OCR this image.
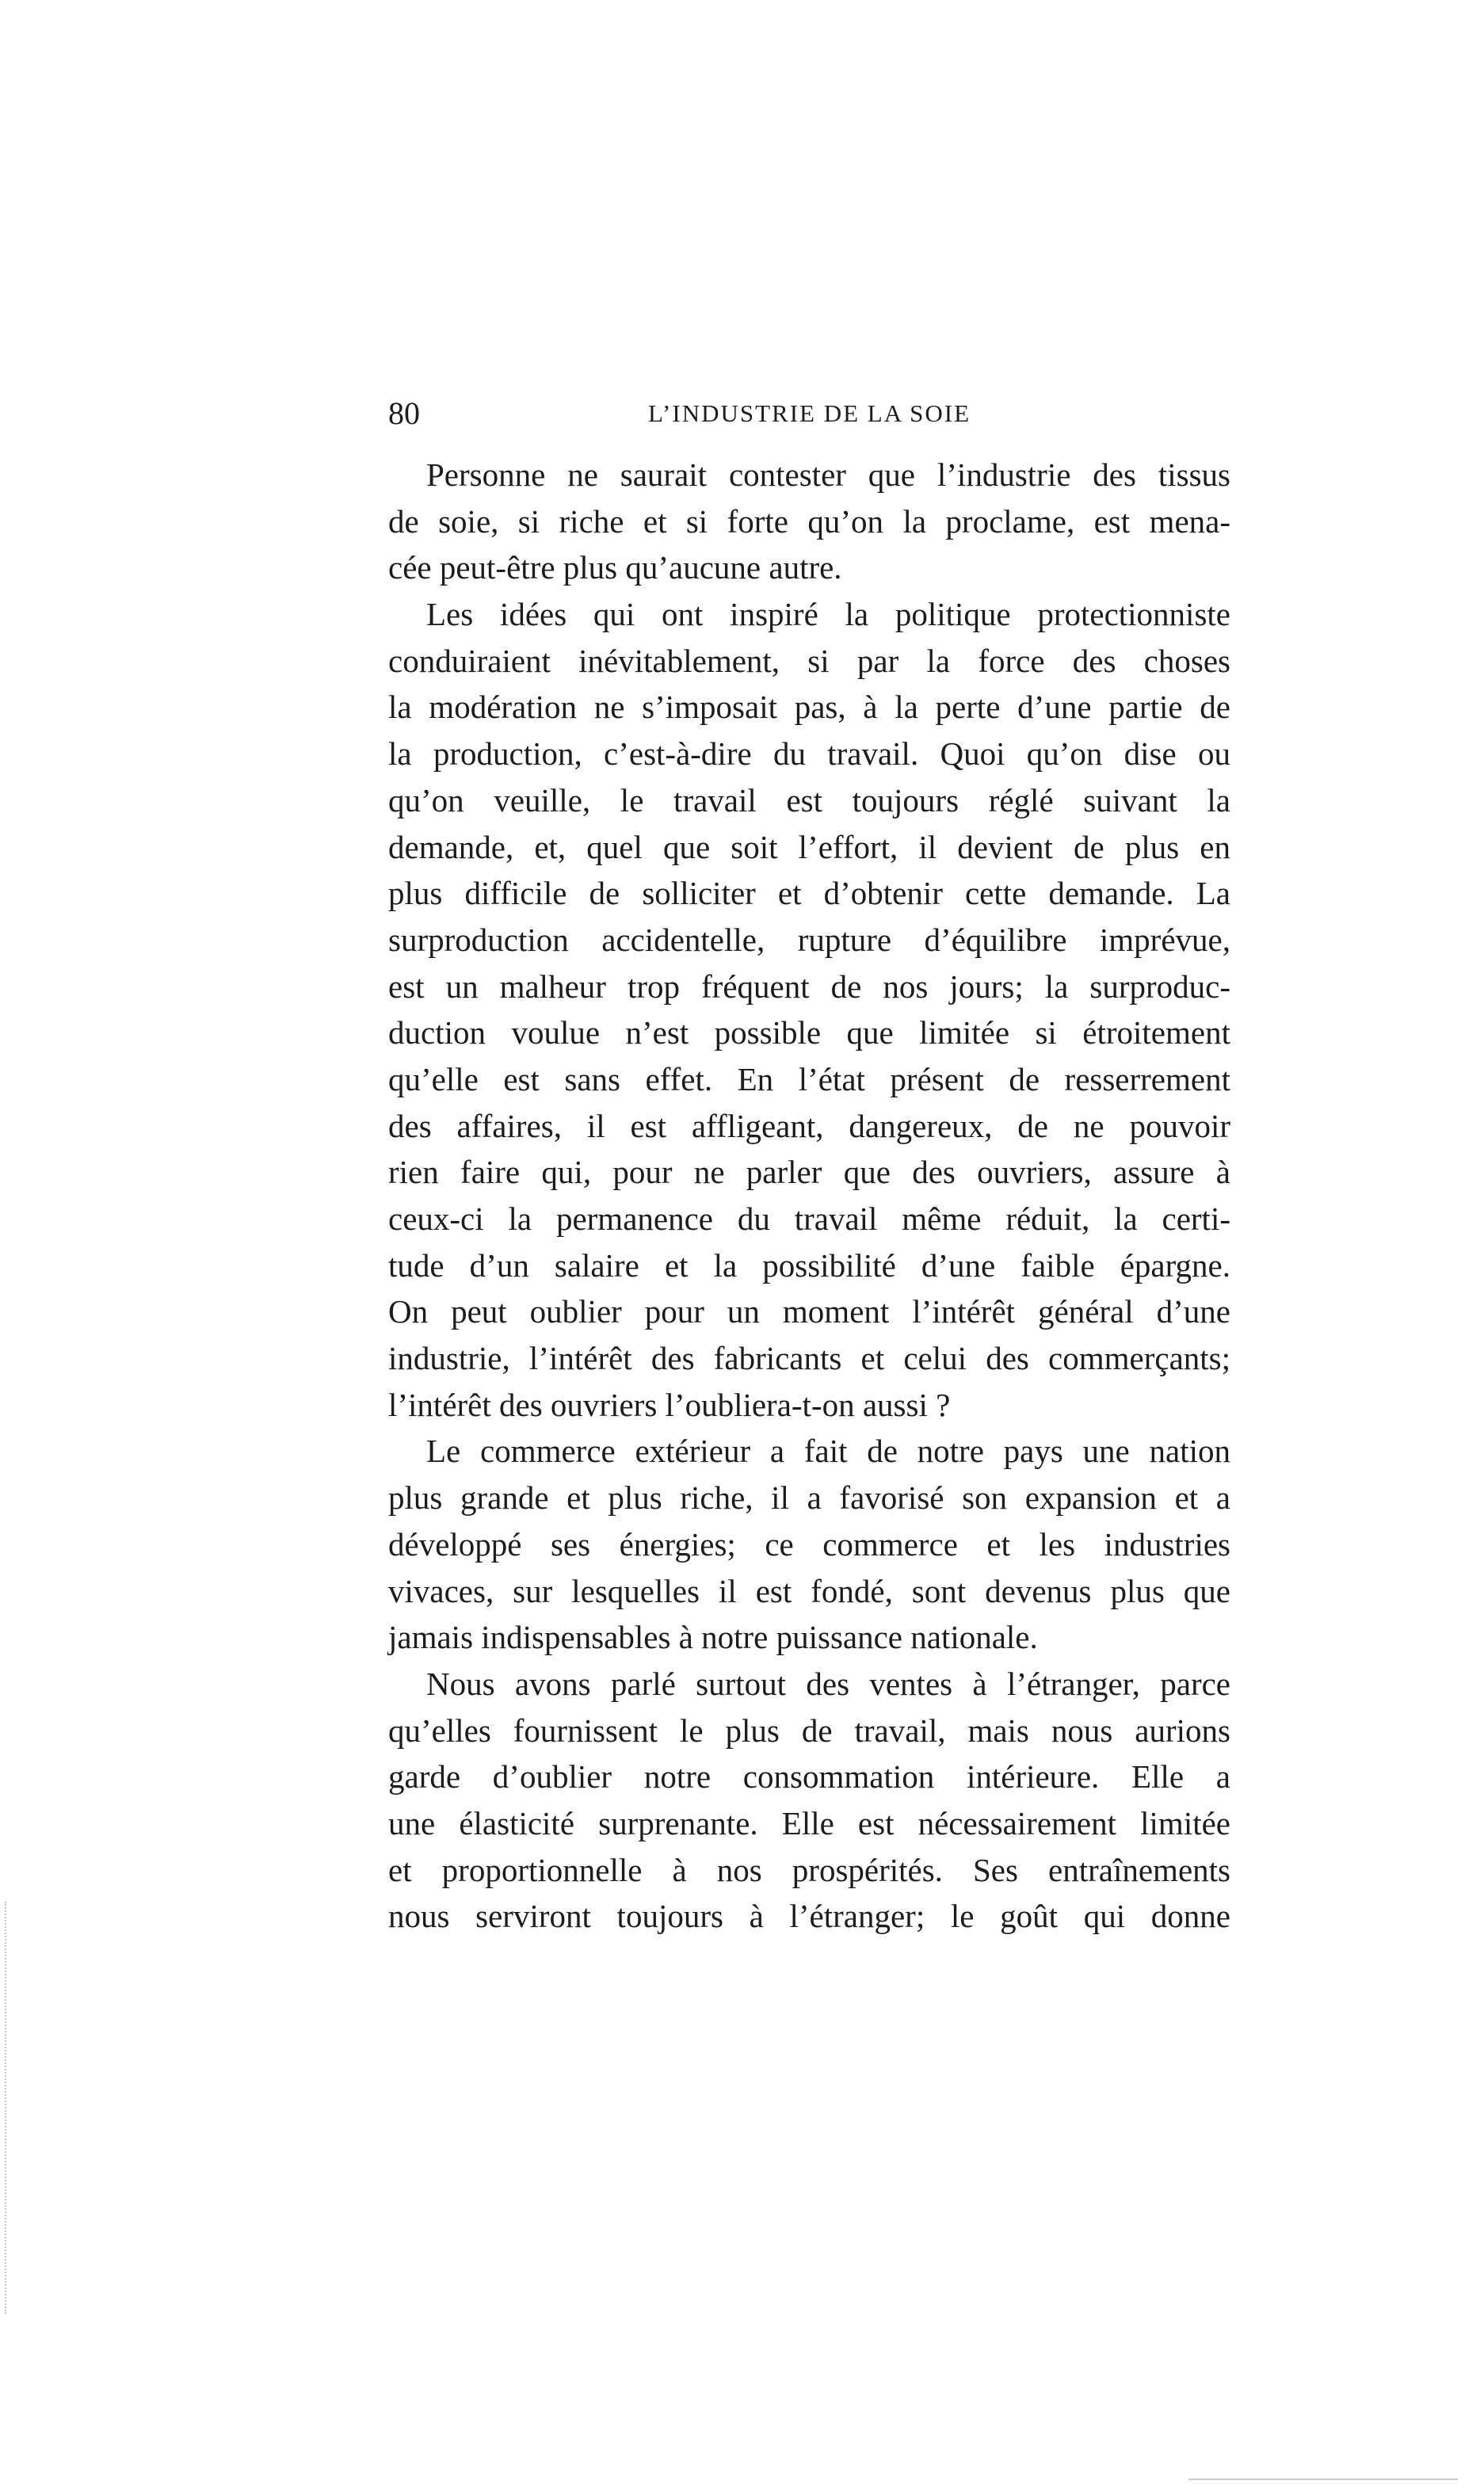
80	L’INDUSTRIE DE LA SOIE
Personne ne saurait contester que l’industrie des tissus
de soie, si riche et si forte qu’on la proclame, est mena-
cée peut-être plus qu’aucune autre.
Les idées qui ont inspiré la politique protectionniste
conduiraient inévitablement, si par la force des choses
la modération ne s’imposait pas, à la perte d’une partie de
la production, c’est-à-dire du travail. Quoi qu’on dise ou
qu’on veuille, le travail est toujours réglé suivant la
demande, et, quel que soit l’effort, il devient de plus en
plus difficile de solliciter et d’obtenir cette demande. La
surproduction accidentelle, rupture d’équilibre imprévue,
est un malheur trop fréquent de nos jours; la surproduc-
duction voulue n’est possible que limitée si étroitement
qu’elle est sans effet. En l’état présent de resserrement
des affaires, il est affligeant, dangereux, de ne pouvoir
rien faire qui, pour ne parler que des ouvriers, assure à
ceux-ci la permanence du travail même réduit, la certi-
tude d’un salaire et la possibilité d’une faible épargne.
On peut oublier pour un moment l’intérêt général d’une
industrie, l’intérêt des fabricants et celui des commerçants;
l’intérêt des ouvriers l’oubliera-t-on aussi ?
Le commerce extérieur a fait de notre pays une nation
plus grande et plus riche, il a favorisé son expansion et a
développé ses énergies; ce commerce et les industries
vivaces, sur lesquelles il est fondé, sont devenus plus que
jamais indispensables à notre puissance nationale.
Nous avons parlé surtout des ventes à l’étranger, parce
qu’elles fournissent le plus de travail, mais nous aurions
garde d’oublier notre consommation intérieure. Elle a
une élasticité surprenante. Elle est nécessairement limitée
et proportionnelle à nos prospérités. Ses entraînements
nous serviront toujours à l’étranger; le goût qui donne
